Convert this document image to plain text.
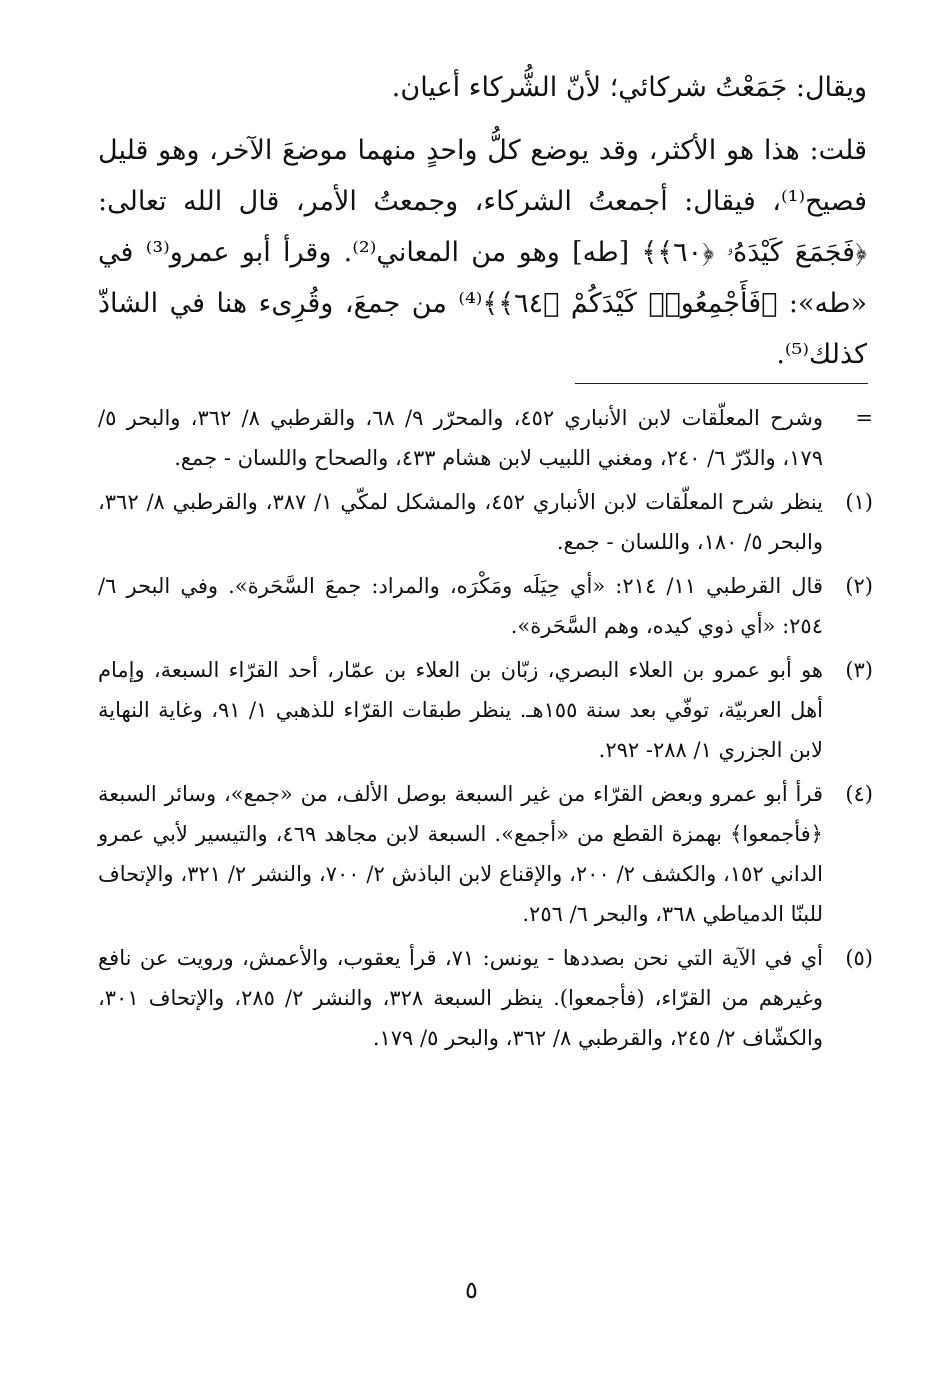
ويقال: جَمَعْتُ شركائي؛ لأنّ الشُّركاء أعيان.

قلت: هذا هو الأكثر، وقد يوضع كلُّ واحدٍ منهما موضعَ الآخر، وهو قليل فصيح⁽¹⁾، فيقال: أجمعتُ الشركاء، وجمعتُ الأمر، قال الله تعالى: ﴿فَجَمَعَ كَيْدَهُۥ ﴿٦٠﴾﴾ [طه] وهو من المعاني⁽²⁾. وقرأ أبو عمرو⁽³⁾ في «طه»: ﴿فَأَجْمِعُوا۟ كَيْدَكُمْ ﴿٦٤﴾﴾⁽⁴⁾ من جمعَ، وقُرِىء هنا في الشاذّ كذلك⁽⁵⁾.

=
وشرح المعلّقات لابن الأنباري ٤٥٢، والمحرّر ٩/ ٦٨، والقرطبي ٨/ ٣٦٢، والبحر ٥/ ١٧٩، والدّرّ ٦/ ٢٤٠، ومغني اللبيب لابن هشام ٤٣٣، والصحاح واللسان - جمع.
(١)
ينظر شرح المعلّقات لابن الأنباري ٤٥٢، والمشكل لمكّي ١/ ٣٨٧، والقرطبي ٨/ ٣٦٢، والبحر ٥/ ١٨٠، واللسان - جمع.
(٢)
قال القرطبي ١١/ ٢١٤: «أي حِيَلَه ومَكْرَه، والمراد: جمعَ السَّحَرة». وفي البحر ٦/ ٢٥٤: «أي ذوي كيده، وهم السَّحَرة».
(٣)
هو أبو عمرو بن العلاء البصري، زبّان بن العلاء بن عمّار، أحد القرّاء السبعة، وإمام أهل العربيّة، توفّي بعد سنة ١٥٥هـ. ينظر طبقات القرّاء للذهبي ١/ ٩١، وغاية النهاية لابن الجزري ١/ ٢٨٨- ٢٩٢.
(٤)
قرأ أبو عمرو وبعض القرّاء من غير السبعة بوصل الألف، من «جمع»، وسائر السبعة ﴿فأجمعوا﴾ بهمزة القطع من «أجمع». السبعة لابن مجاهد ٤٦٩، والتيسير لأبي عمرو الداني ١٥٢، والكشف ٢/ ٢٠٠، والإقناع لابن الباذش ٢/ ٧٠٠، والنشر ٢/ ٣٢١، والإتحاف للبنّا الدمياطي ٣٦٨، والبحر ٦/ ٢٥٦.
(٥)
أي في الآية التي نحن بصددها - يونس: ٧١، قرأ يعقوب، والأعمش، ورويت عن نافع وغيرهم من القرّاء، (فأجمعوا). ينظر السبعة ٣٢٨، والنشر ٢/ ٢٨٥، والإتحاف ٣٠١، والكشّاف ٢/ ٢٤٥، والقرطبي ٨/ ٣٦٢، والبحر ٥/ ١٧٩.
٥
